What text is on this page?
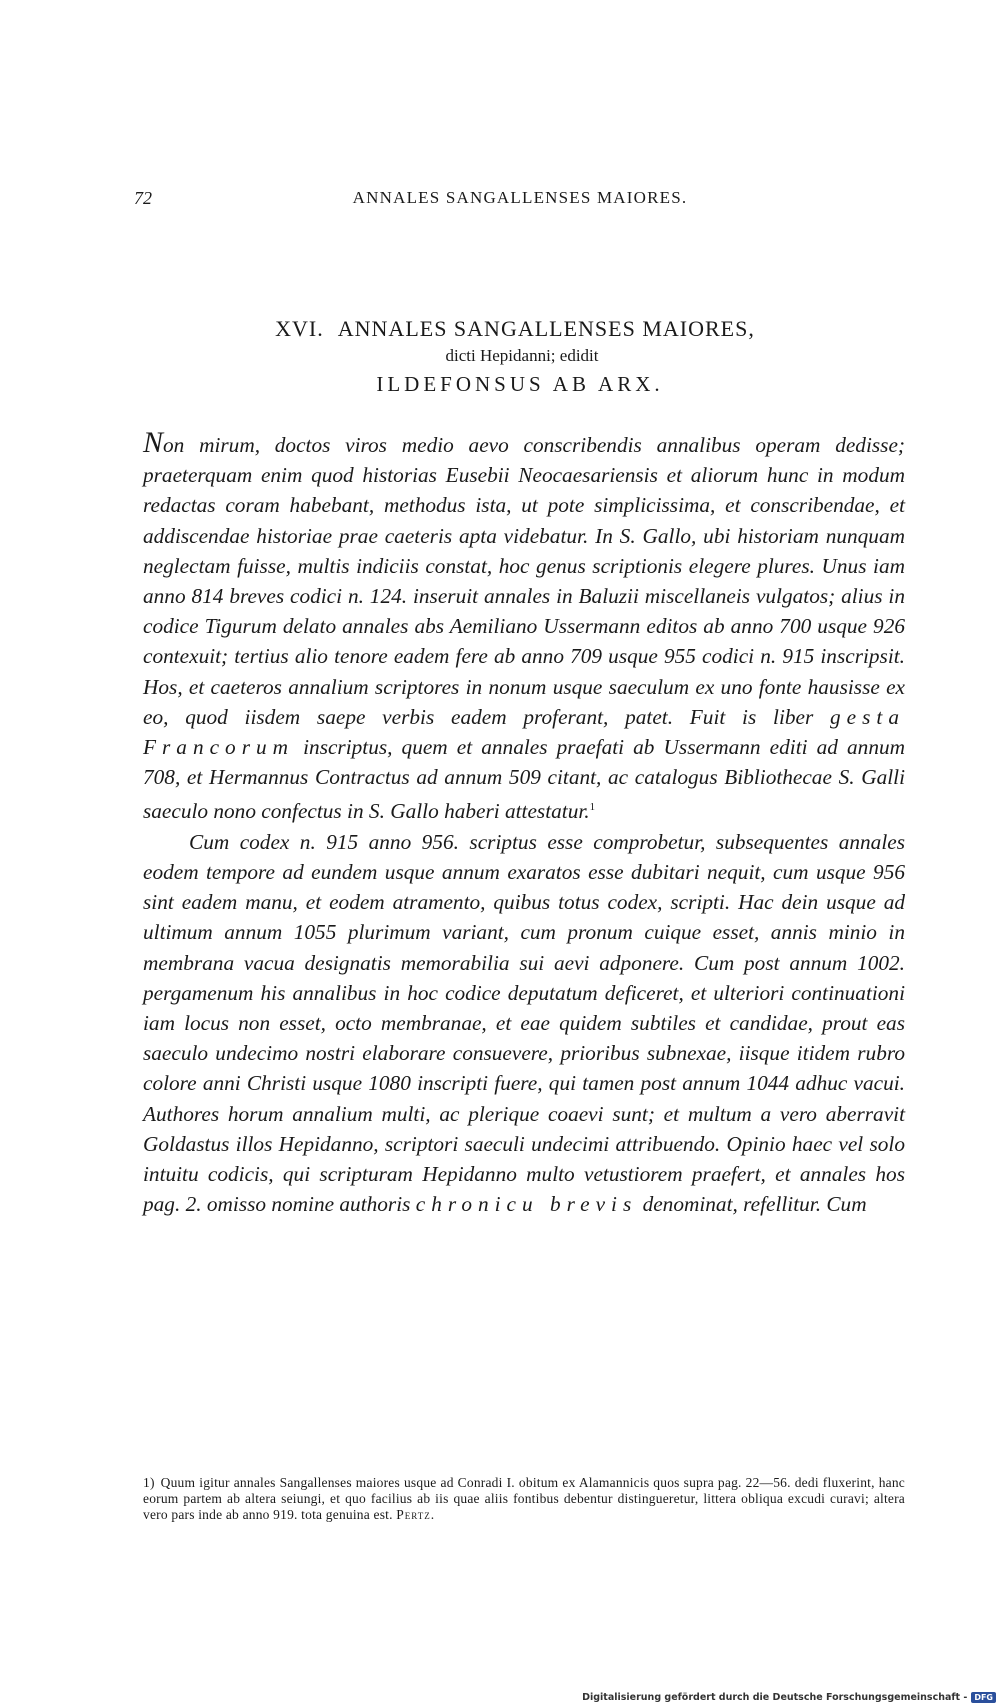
72	ANNALES SANGALLENSES MAIORES.
XVI. ANNALES SANGALLENSES MAIORES,
dicti Hepidanni; edidit
ILDEFONSUS AB ARX.

Non mirum, doctos viros medio aevo conscribendis annalibus operam dedisse; praeterquam enim quod historias Eusebii Neocaesariensis et aliorum hunc in modum redactas coram habebant, methodus ista, ut pote simplicissima, et conscribendae, et addiscendae historiae prae caeteris apta videbatur. In S. Gallo, ubi historiam nunquam neglectam fuisse, multis indiciis constat, hoc genus scriptionis elegere plures. Unus iam anno 814 breves codici n. 124. inseruit annales in Baluzii miscellaneis vulgatos; alius in codice Tigurum delato annales abs Aemiliano Ussermann editos ab anno 700 usque 926 contexuit; tertius alio tenore eadem fere ab anno 709 usque 955 codici n. 915 inscripsit. Hos, et caeteros annalium scriptores in nonum usque saeculum ex uno fonte hausisse ex eo, quod iisdem saepe verbis eadem proferant, patet. Fuit is liber gesta Francorum inscriptus, quem et annales praefati ab Ussermann editi ad annum 708, et Hermannus Contractus ad annum 509 citant, ac catalogus Bibliothecae S. Galli saeculo nono confectus in S. Gallo haberi attestatur.$^1$

Cum codex n. 915 anno 956. scriptus esse comprobetur, subsequentes annales eodem tempore ad eundem usque annum exaratos esse dubitari nequit, cum usque 956 sint eadem manu, et eodem atramento, quibus totus codex, scripti. Hac dein usque ad ultimum annum 1055 plurimum variant, cum pronum cuique esset, annis minio in membrana vacua designatis memorabilia sui aevi adponere. Cum post annum 1002. pergamenum his annalibus in hoc codice deputatum deficeret, et ulteriori continuationi iam locus non esset, octo membranae, et eae quidem subtiles et candidae, prout eas saeculo undecimo nostri elaborare consuevere, prioribus subnexae, iisque itidem rubro colore anni Christi usque 1080 inscripti fuere, qui tamen post annum 1044 adhuc vacui. Authores horum annalium multi, ac plerique coaevi sunt; et multum a vero aberravit Goldastus illos Hepidanno, scriptori saeculi undecimi attribuendo. Opinio haec vel solo intuitu codicis, qui scripturam Hepidanno multo vetustiorem praefert, et annales hos pag. 2. omisso nomine authoris chronicu brevis denominat, refellitur. Cum

1) Quum igitur annales Sangallenses maiores usque ad Conradi I. obitum ex Alamannicis quos supra pag. 22—56. dedi fluxerint, hanc eorum partem ab altera seiungi, et quo facilius ab iis quae aliis fontibus debentur distingueretur, littera obliqua excudi curavi; altera vero pars inde ab anno 919. tota genuina est. Pertz.
Digitalisierung gefördert durch die Deutsche Forschungsgemeinschaft - DFG
